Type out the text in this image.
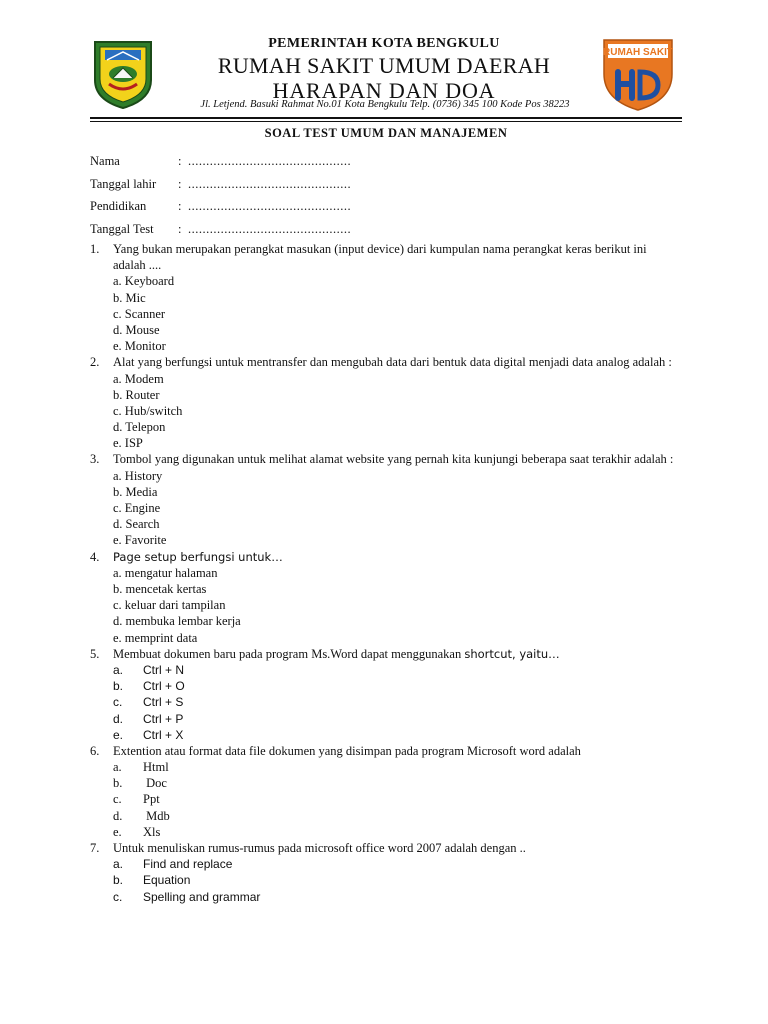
PEMERINTAH KOTA BENGKULU
RUMAH SAKIT UMUM DAERAH
HARAPAN DAN DOA
Jl. Letjend. Basuki Rahmat No.01 Kota Bengkulu Telp. (0736) 345 100 Kode Pos 38223
RUMAH SAKIT
SOAL TEST UMUM DAN MANAJEMEN
Nama	: .............................................
Tanggal lahir	: .............................................
Pendidikan	: .............................................
Tanggal Test	: .............................................
1.	Yang bukan merupakan perangkat masukan (input device) dari kumpulan nama perangkat keras berikut ini adalah ....
a. Keyboard
b. Mic
c. Scanner
d. Mouse
e. Monitor
2.	Alat yang berfungsi untuk mentransfer dan mengubah data dari bentuk data digital menjadi data analog adalah :
a. Modem
b. Router
c. Hub/switch
d. Telepon
e. ISP
3.	Tombol yang digunakan untuk melihat alamat website yang pernah kita kunjungi beberapa saat terakhir adalah :
a. History
b. Media
c. Engine
d. Search
e. Favorite
4.	Page setup berfungsi untuk…
a. mengatur halaman
b. mencetak kertas
c. keluar dari tampilan
d. membuka lembar kerja
e. memprint data
5.	Membuat dokumen baru pada program Ms.Word dapat menggunakan shortcut, yaitu…
a. Ctrl + N
b. Ctrl + O
c. Ctrl + S
d. Ctrl + P
e. Ctrl + X
6.	Extention atau format data file dokumen yang disimpan pada program Microsoft word adalah
a. Html
b. Doc
c. Ppt
d. Mdb
e. Xls
7.	Untuk menuliskan rumus-rumus pada microsoft office word 2007 adalah dengan ..
a. Find and replace
b. Equation
c. Spelling and grammar
